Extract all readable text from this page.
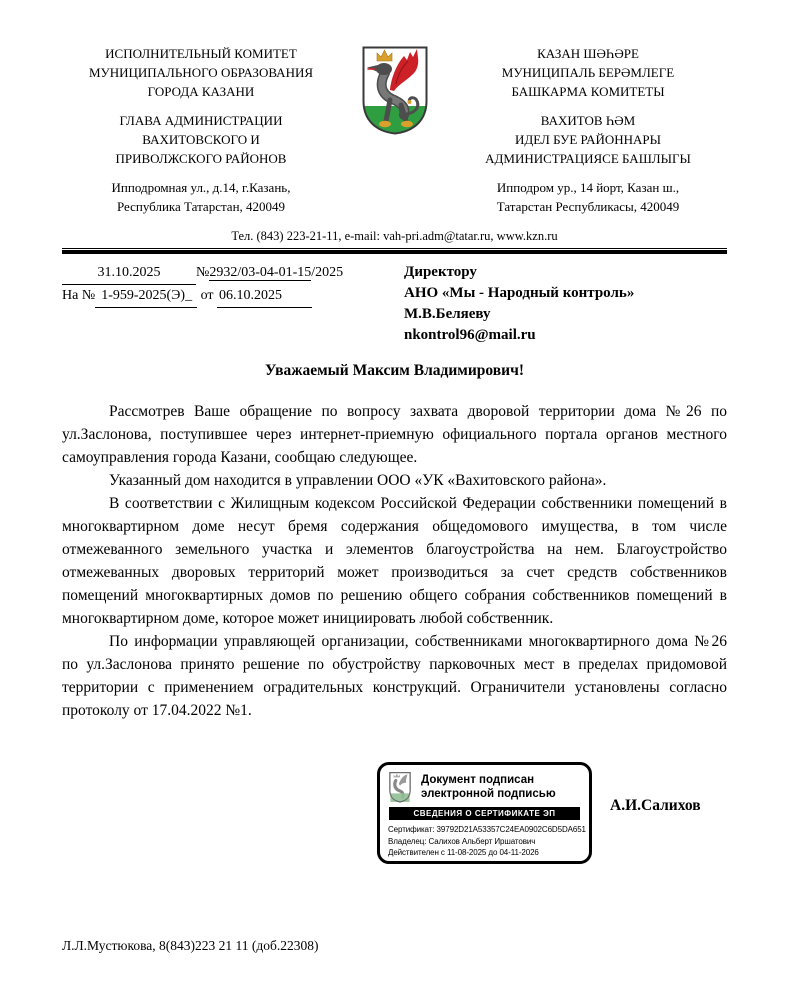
ИСПОЛНИТЕЛЬНЫЙ КОМИТЕТ
МУНИЦИПАЛЬНОГО ОБРАЗОВАНИЯ
ГОРОДА КАЗАНИ
ГЛАВА АДМИНИСТРАЦИИ
ВАХИТОВСКОГО И
ПРИВОЛЖСКОГО РАЙОНОВ
Ипподромная ул., д.14, г.Казань,
Республика Татарстан, 420049
КАЗАН ШӘҺӘРЕ
МУНИЦИПАЛЬ БЕРӘМЛЕГЕ
БАШКАРМА КОМИТЕТЫ
ВАХИТОВ ҺӘМ
ИДЕЛ БУЕ РАЙОННАРЫ
АДМИНИСТРАЦИЯСЕ БАШЛЫГЫ
Ипподром ур., 14 йорт, Казан ш.,
Татарстан Республикасы, 420049
Тел. (843) 223-21-11, e-mail: vah-pri.adm@tatar.ru, www.kzn.ru
31.10.2025	№2932/03-04-01-15/2025
На № 1-959-2025(Э)_ от 06.10.2025
Директору
АНО «Мы - Народный контроль»
М.В.Беляеву
nkontrol96@mail.ru
Уважаемый Максим Владимирович!

Рассмотрев Ваше обращение по вопросу захвата дворовой территории дома №26 по ул.Заслонова, поступившее через интернет-приемную официального портала органов местного самоуправления города Казани, сообщаю следующее.

Указанный дом находится в управлении ООО «УК «Вахитовского района».

В соответствии с Жилищным кодексом Российской Федерации собственники помещений в многоквартирном доме несут бремя содержания общедомового имущества, в том числе отмежеванного земельного участка и элементов благоустройства на нем. Благоустройство отмежеванных дворовых территорий может производиться за счет средств собственников помещений многоквартирных домов по решению общего собрания собственников помещений в многоквартирном доме, которое может инициировать любой собственник.

По информации управляющей организации, собственниками многоквартирного дома №26 по ул.Заслонова принято решение по обустройству парковочных мест в пределах придомовой территории с применением оградительных конструкций. Ограничители установлены согласно протоколу от 17.04.2022 №1.

Документ подписан
электронной подписью
СВЕДЕНИЯ О СЕРТИФИКАТЕ ЭП
Сертификат: 39792D21A53357C24EA0902C6D5DA651
Владелец: Салихов Альберт Иршатович
Действителен с 11-08-2025 до 04-11-2026
А.И.Салихов
Л.Л.Мустюкова, 8(843)223 21 11 (доб.22308)
